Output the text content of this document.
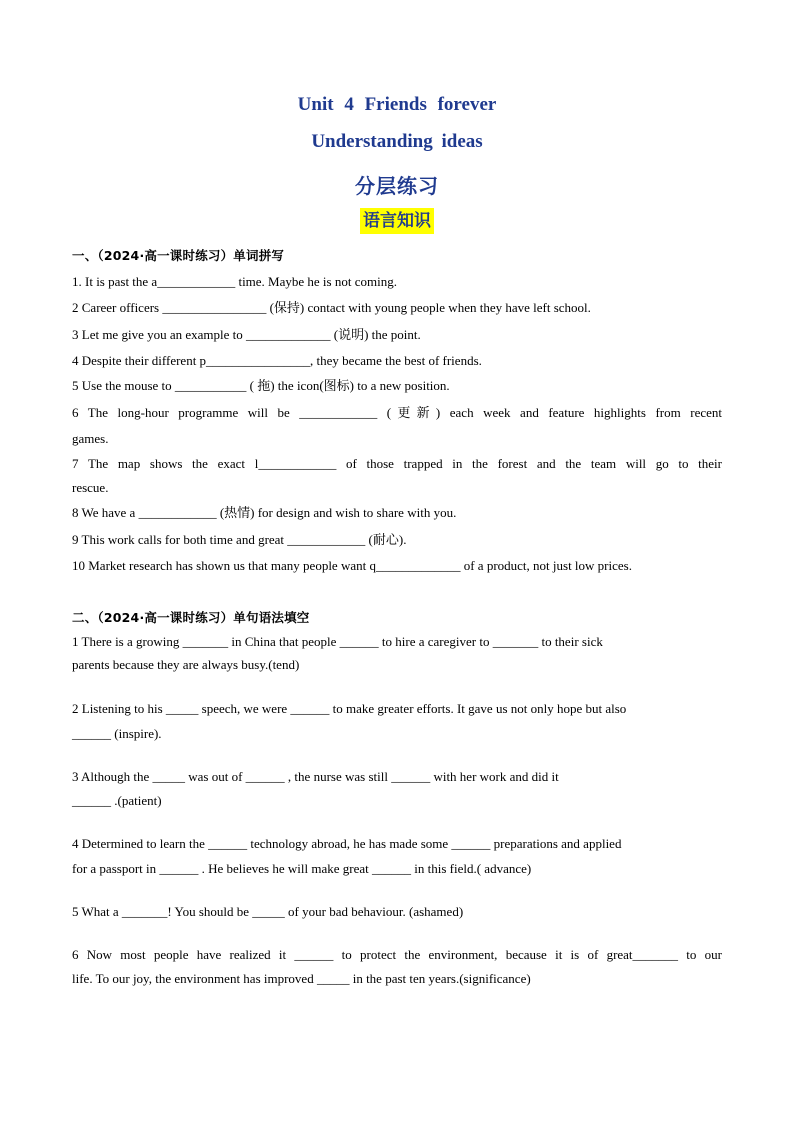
Unit 4 Friends forever
Understanding ideas
分层练习
语言知识
一、（2024·高一课时练习）单词拼写
1. It is past the a____________ time. Maybe he is not coming.
2 Career officers ________________ (保持) contact with young people when they have left school.
3 Let me give you an example to _____________ (说明) the point.
4 Despite their different p________________, they became the best of friends.
5 Use the mouse to ___________ ( 拖) the icon(图标) to a new position.
6 The long-hour programme will be ____________ (更新) each week and feature highlights from recent
games.
7 The map shows the exact l____________ of those trapped in the forest and the team will go to their
rescue.
8 We have a ____________ (热情) for design and wish to share with you.
9 This work calls for both time and great ____________ (耐心).
10 Market research has shown us that many people want q_____________ of a product, not just low prices.
二、（2024·高一课时练习）单句语法填空
1 There is a growing _______ in China that people ______ to hire a caregiver to _______ to their sick
parents because they are always busy.(tend)
2 Listening to his _____ speech, we were ______ to make greater efforts. It gave us not only hope but also
______ (inspire).
3 Although the _____ was out of ______ , the nurse was still ______ with her work and did it
______ .(patient)
4 Determined to learn the ______ technology abroad, he has made some ______ preparations and applied
for a passport in ______ . He believes he will make great ______ in this field.( advance)
5 What a _______! You should be _____ of your bad behaviour. (ashamed)
6 Now most people have realized it ______ to protect the environment, because it is of great_______ to our
life. To our joy, the environment has improved _____ in the past ten years.(significance)
